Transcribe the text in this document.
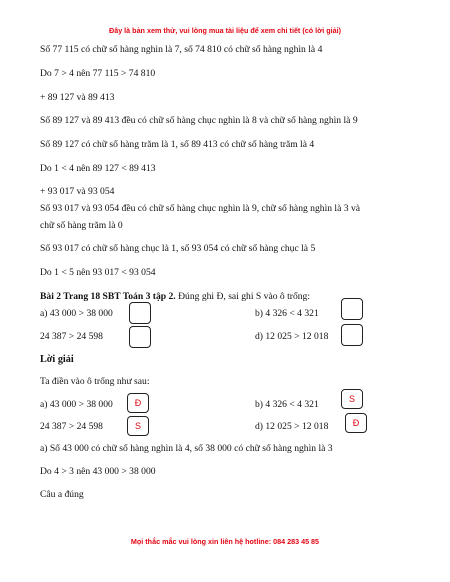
Đây là bản xem thử, vui lòng mua tài liệu để xem chi tiết (có lời giải)
Số 77 115 có chữ số hàng nghìn là 7, số 74 810 có chữ số hàng nghìn là 4
Do 7 > 4 nên 77 115 > 74 810
+ 89 127 và 89 413
Số 89 127 và 89 413 đều có chữ số hàng chục nghìn là 8 và chữ số hàng nghìn là 9
Số 89 127 có chữ số hàng trăm là 1, số 89 413 có chữ số hàng trăm là 4
Do 1 < 4 nên 89 127 < 89 413
+ 93 017 và 93 054
Số 93 017 và 93 054 đều có chữ số hàng chục nghìn là 9, chữ số hàng nghìn là 3 và
chữ số hàng trăm là 0
Số 93 017 có chữ số hàng chục là 1, số 93 054 có chữ số hàng chục là 5
Do 1 < 5 nên 93 017 < 93 054
Bài 2 Trang 18 SBT Toán 3 tập 2. Đúng ghi Đ, sai ghi S vào ô trống:
a) 43 000 > 38 000	b) 4 326 < 4 321
24 387 > 24 598	d) 12 025 > 12 018
Lời giải
Ta điền vào ô trống như sau:
a) 43 000 > 38 000	Đ	b) 4 326 < 4 321	S
24 387 > 24 598	S	d) 12 025 > 12 018	Đ
a) Số 43 000 có chữ số hàng nghìn là 4, số 38 000 có chữ số hàng nghìn là 3
Do 4 > 3 nên 43 000 > 38 000
Câu a đúng
Mọi thắc mắc vui lòng xin liên hệ hotline: 084 283 45 85
